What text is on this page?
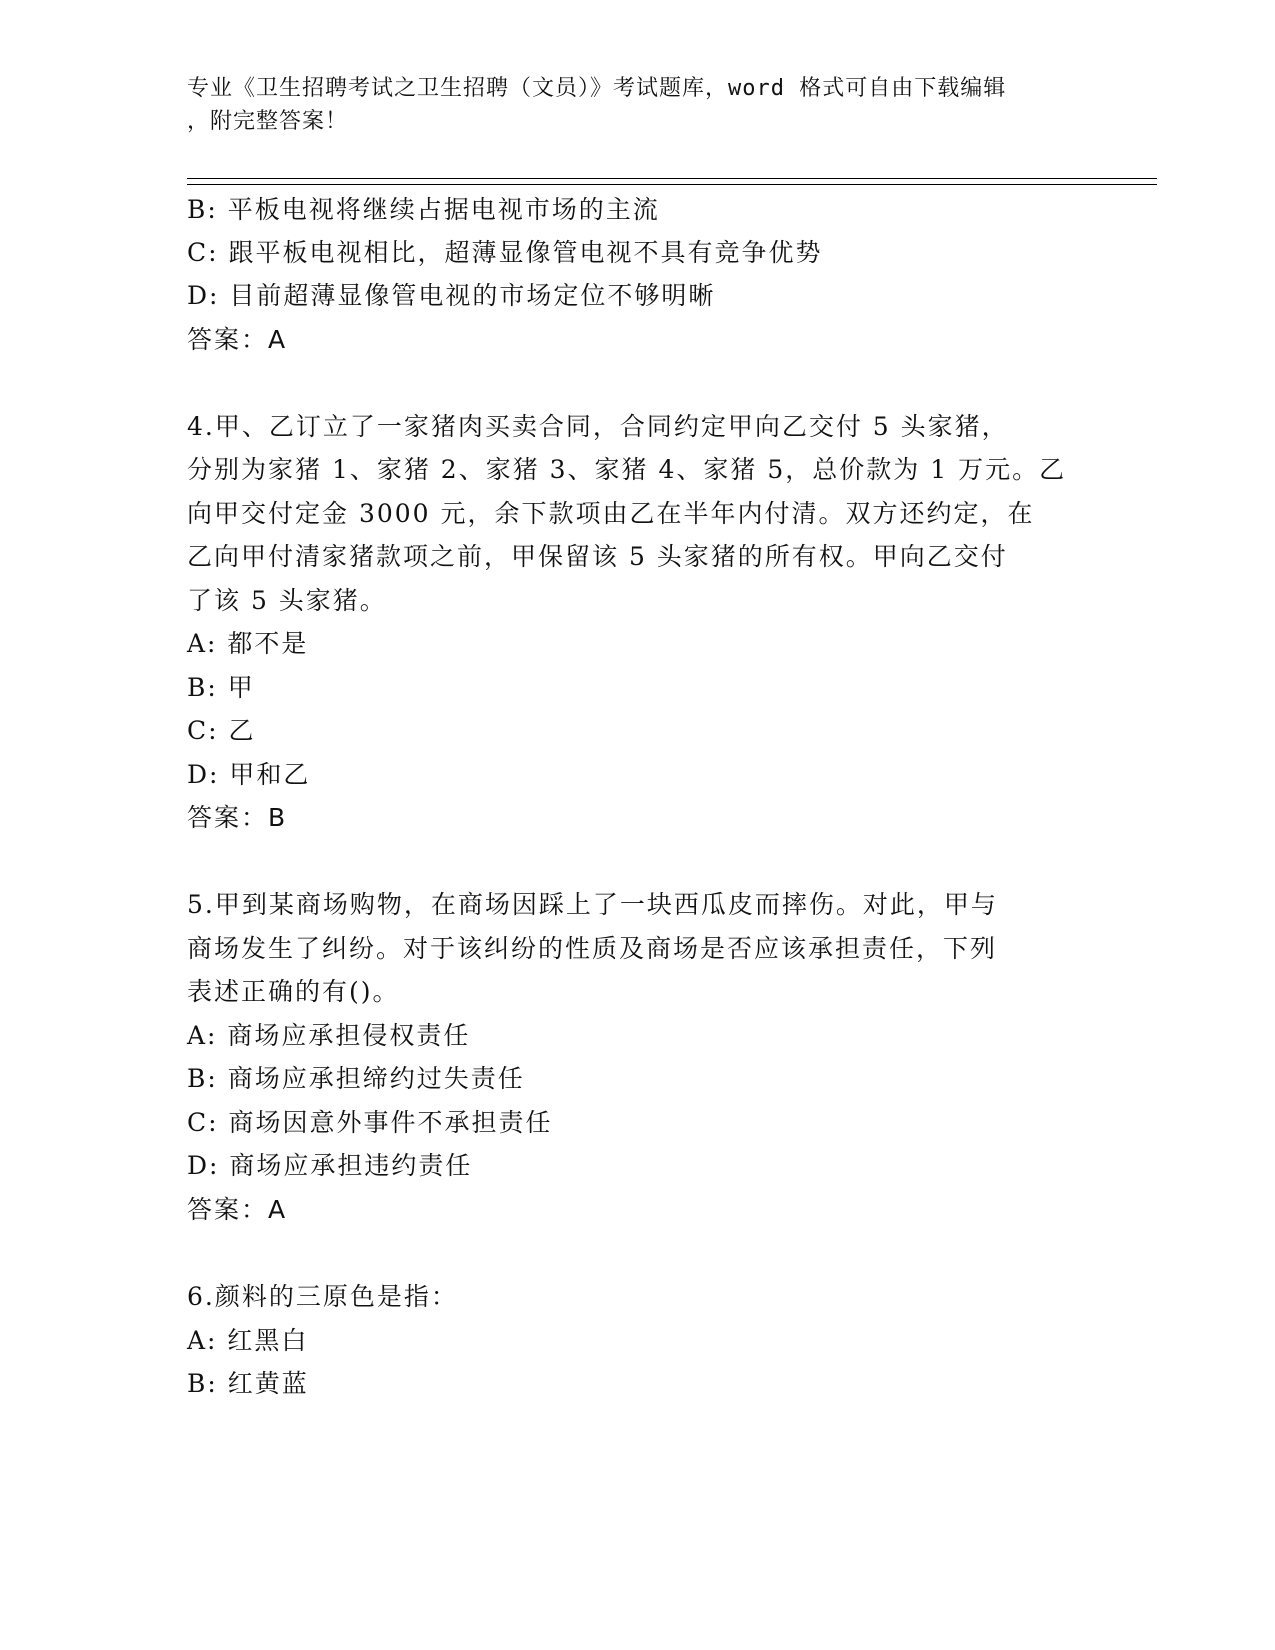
专业《卫生招聘考试之卫生招聘（文员）》考试题库，word 格式可自由下载编辑
，附完整答案！
B: 平板电视将继续占据电视市场的主流
C: 跟平板电视相比，超薄显像管电视不具有竞争优势
D: 目前超薄显像管电视的市场定位不够明晰
答案：A
4.甲、乙订立了一家猪肉买卖合同，合同约定甲向乙交付 5 头家猪，
分别为家猪 1、家猪 2、家猪 3、家猪 4、家猪 5，总价款为 1 万元。乙
向甲交付定金 3000 元，余下款项由乙在半年内付清。双方还约定，在
乙向甲付清家猪款项之前，甲保留该 5 头家猪的所有权。甲向乙交付
了该 5 头家猪。
A: 都不是
B: 甲
C: 乙
D: 甲和乙
答案：B
5.甲到某商场购物，在商场因踩上了一块西瓜皮而摔伤。对此，甲与
商场发生了纠纷。对于该纠纷的性质及商场是否应该承担责任，下列
表述正确的有()。
A: 商场应承担侵权责任
B: 商场应承担缔约过失责任
C: 商场因意外事件不承担责任
D: 商场应承担违约责任
答案：A
6.颜料的三原色是指：
A: 红黑白
B: 红黄蓝
